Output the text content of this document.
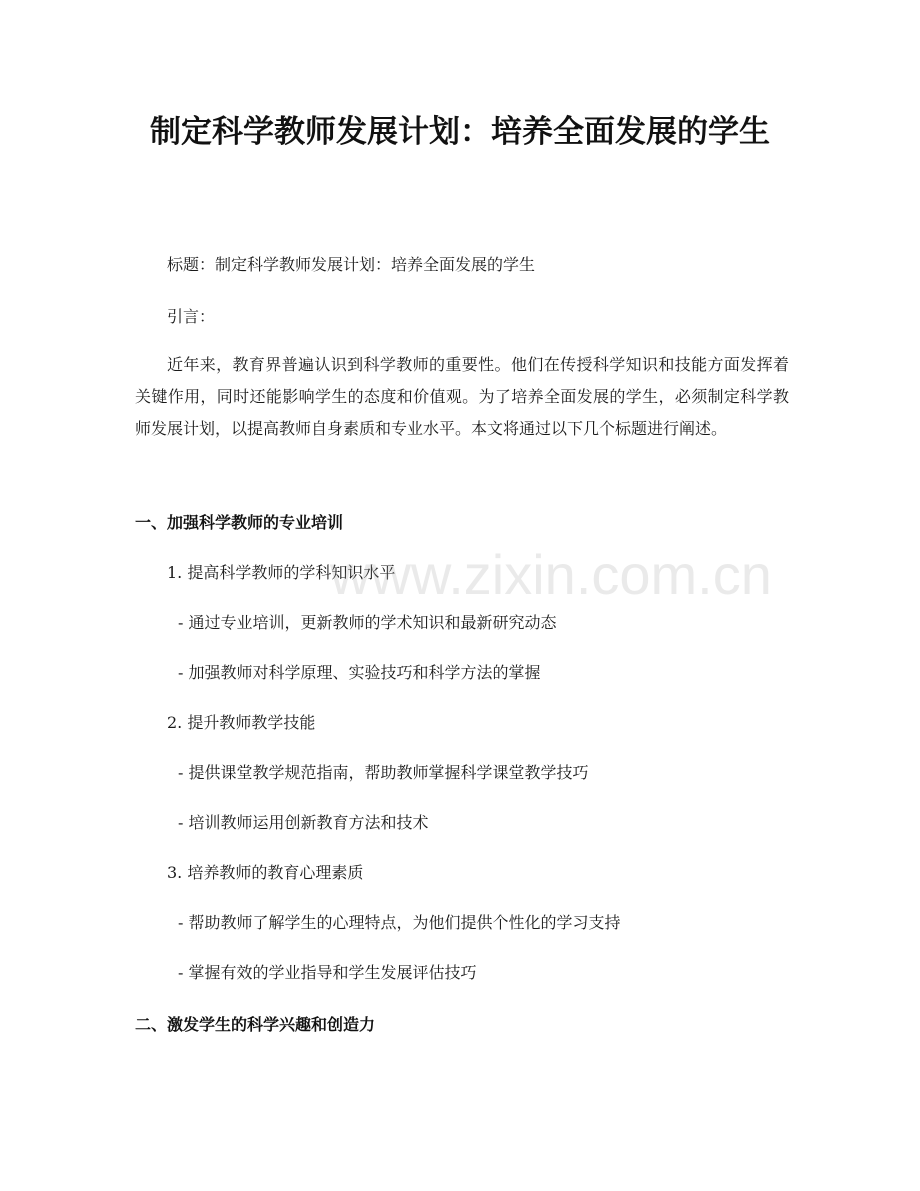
制定科学教师发展计划：培养全面发展的学生
标题：制定科学教师发展计划：培养全面发展的学生
引言：

近年来，教育界普遍认识到科学教师的重要性。他们在传授科学知识和技能方面发挥着关键作用，同时还能影响学生的态度和价值观。为了培养全面发展的学生，必须制定科学教师发展计划，以提高教师自身素质和专业水平。本文将通过以下几个标题进行阐述。

一、加强科学教师的专业培训
1. 提高科学教师的学科知识水平
- 通过专业培训，更新教师的学术知识和最新研究动态
- 加强教师对科学原理、实验技巧和科学方法的掌握
2. 提升教师教学技能
- 提供课堂教学规范指南，帮助教师掌握科学课堂教学技巧
- 培训教师运用创新教育方法和技术
3. 培养教师的教育心理素质
- 帮助教师了解学生的心理特点，为他们提供个性化的学习支持
- 掌握有效的学业指导和学生发展评估技巧
二、激发学生的科学兴趣和创造力
www.zixin.com.cn
